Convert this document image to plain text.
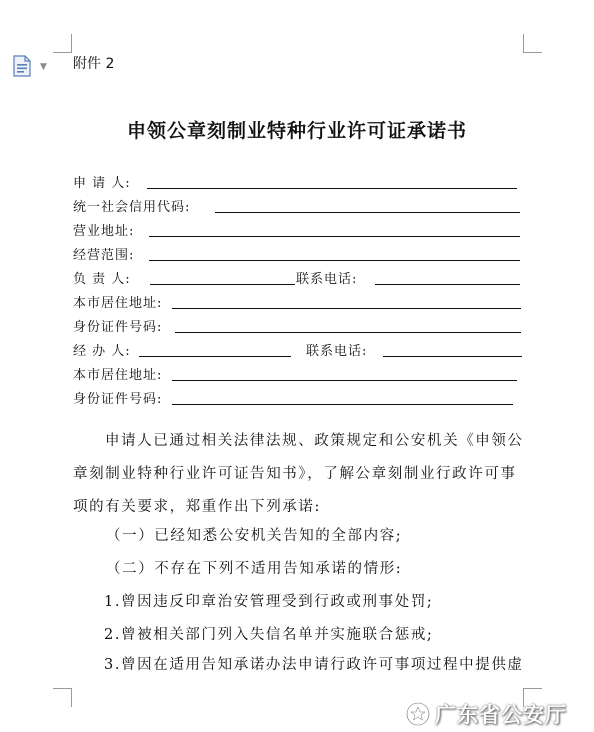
▼ 附件 2
申领公章刻制业特种行业许可证承诺书
申 请 人:
统一社会信用代码:
营业地址:
经营范围:
负 责 人:	联系电话:
本市居住地址:
身份证件号码:
经 办 人:	联系电话:
本市居住地址:
身份证件号码:
申请人已通过相关法律法规、政策规定和公安机关《申领公
章刻制业特种行业许可证告知书》，了解公章刻制业行政许可事
项的有关要求，郑重作出下列承诺:
（一）已经知悉公安机关告知的全部内容;
（二）不存在下列不适用告知承诺的情形:
1.曾因违反印章治安管理受到行政或刑事处罚;
2.曾被相关部门列入失信名单并实施联合惩戒;
3.曾因在适用告知承诺办法申请行政许可事项过程中提供虚
广东省公安厅
